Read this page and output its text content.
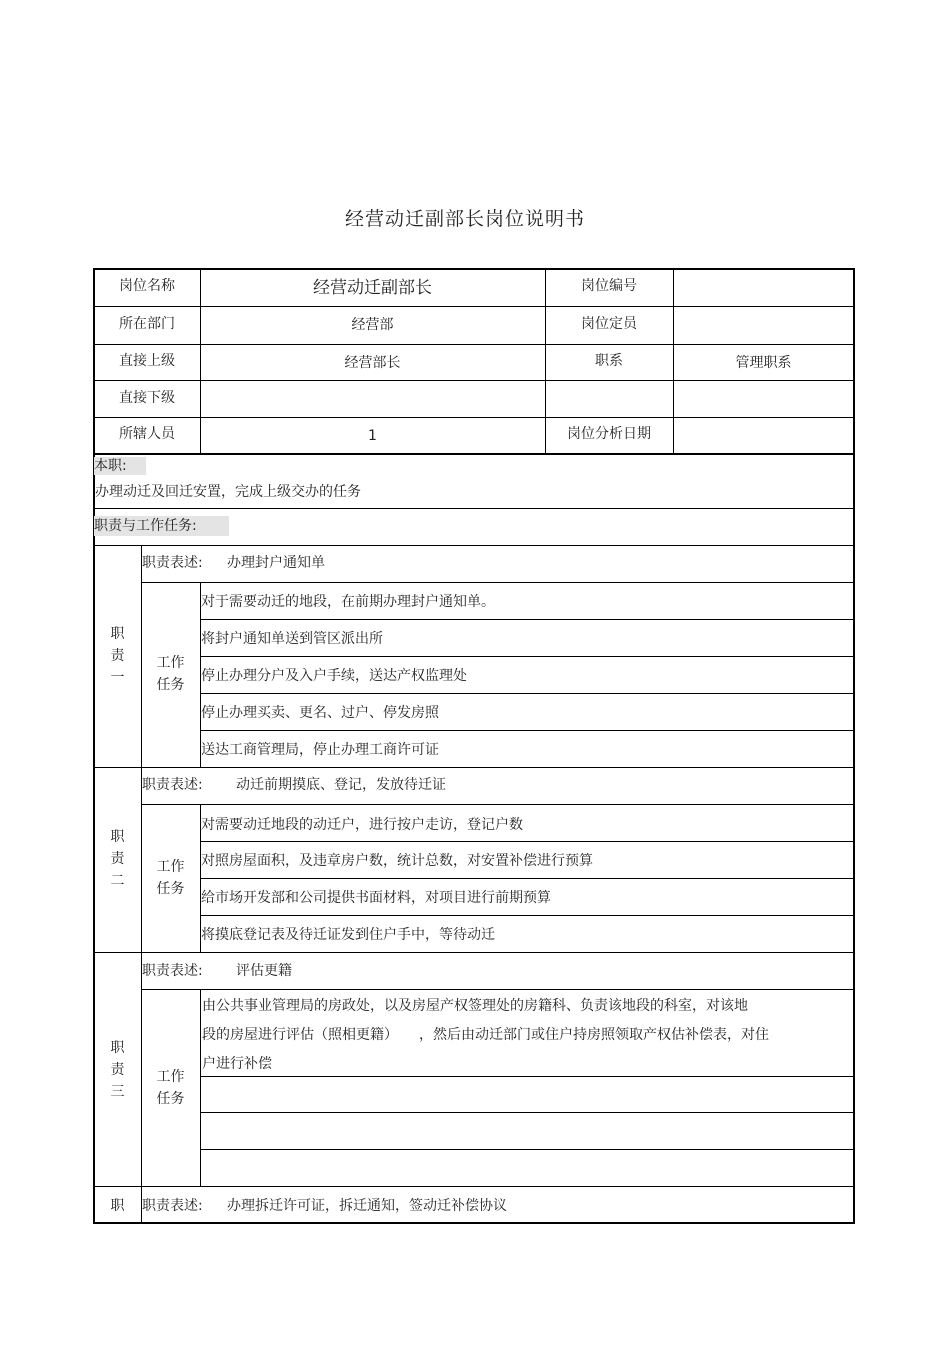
经营动迁副部长岗位说明书
岗位名称	经营动迁副部长	岗位编号
所在部门	经营部	岗位定员
直接上级	经营部长	职系	管理职系
直接下级
所辖人员	1	岗位分析日期
本职:
办理动迁及回迁安置，完成上级交办的任务
职责与工作任务:
职
责
一
职责表述: 办理封户通知单
工作
任务
对于需要动迁的地段，在前期办理封户通知单。
将封户通知单送到管区派出所
停止办理分户及入户手续，送达产权监理处
停止办理买卖、更名、过户、停发房照
送达工商管理局，停止办理工商许可证
职
责
二
职责表述: 动迁前期摸底、登记，发放待迁证
工作
任务
对需要动迁地段的动迁户，进行按户走访，登记户数
对照房屋面积，及违章房户数，统计总数，对安置补偿进行预算
给市场开发部和公司提供书面材料，对项目进行前期预算
将摸底登记表及待迁证发到住户手中，等待动迁
职
责
三
职责表述: 评估更籍
工作
任务
由公共事业管理局的房政处，以及房屋产权签理处的房籍科、负责该地段的科室，对该地
段的房屋进行评估（照相更籍）　　，然后由动迁部门或住户持房照领取产权估补偿表，对住
户进行补偿
职	职责表述: 办理拆迁许可证，拆迁通知，签动迁补偿协议
